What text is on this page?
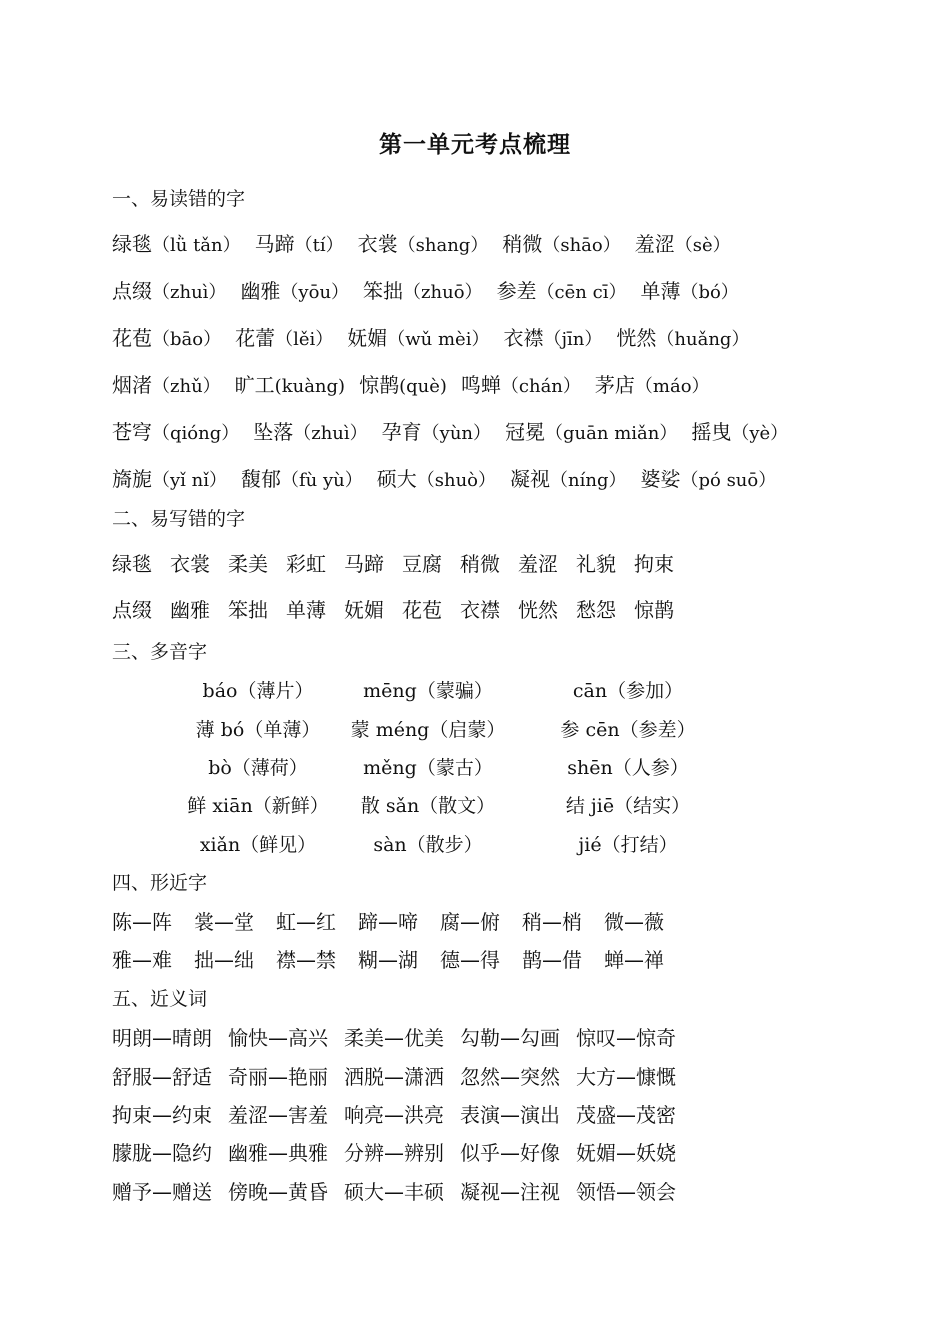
第一单元考点梳理
一、易读错的字
绿毯（lǜ tǎn） 马蹄（tí） 衣裳（shang） 稍微（shāo） 羞涩（sè）
点缀（zhuì） 幽雅（yōu） 笨拙（zhuō） 参差（cēn cī） 单薄（bó）
花苞（bāo） 花蕾（lěi） 妩媚（wǔ mèi） 衣襟（jīn） 恍然（huǎng）
烟渚（zhǔ） 旷工(kuàng) 惊鹊(què) 鸣蝉（chán） 茅店（máo）
苍穹（qióng） 坠落（zhuì） 孕育（yùn） 冠冕（guān miǎn） 摇曳（yè）
旖旎（yǐ nǐ） 馥郁（fù yù） 硕大（shuò） 凝视（níng） 婆娑（pó suō）
二、易写错的字
绿毯 衣裳 柔美 彩虹 马蹄 豆腐 稍微 羞涩 礼貌 拘束
点缀 幽雅 笨拙 单薄 妩媚 花苞 衣襟 恍然 愁怨 惊鹊
三、多音字
báo（薄片）	mēng（蒙骗）	cān（参加）
薄 bó（单薄） 蒙 méng（启蒙）	参 cēn（参差）
bò（薄荷）	měng（蒙古）	shēn（人参）
鲜 xiān（新鲜） 散 sǎn（散文）	结 jiē（结实）
xiǎn（鲜见）	sàn（散步）	jié（打结）
四、形近字
陈—阵 裳—堂 虹—红 蹄—啼 腐—俯 稍—梢 微—薇
雅—难 拙—绌 襟—禁 糊—湖 德—得 鹊—借 蝉—禅
五、近义词
明朗—晴朗 愉快—高兴 柔美—优美 勾勒—勾画 惊叹—惊奇
舒服—舒适 奇丽—艳丽 洒脱—潇洒 忽然—突然 大方—慷慨
拘束—约束 羞涩—害羞 响亮—洪亮 表演—演出 茂盛—茂密
朦胧—隐约 幽雅—典雅 分辨—辨别 似乎—好像 妩媚—妖娆
赠予—赠送 傍晚—黄昏 硕大—丰硕 凝视—注视 领悟—领会
